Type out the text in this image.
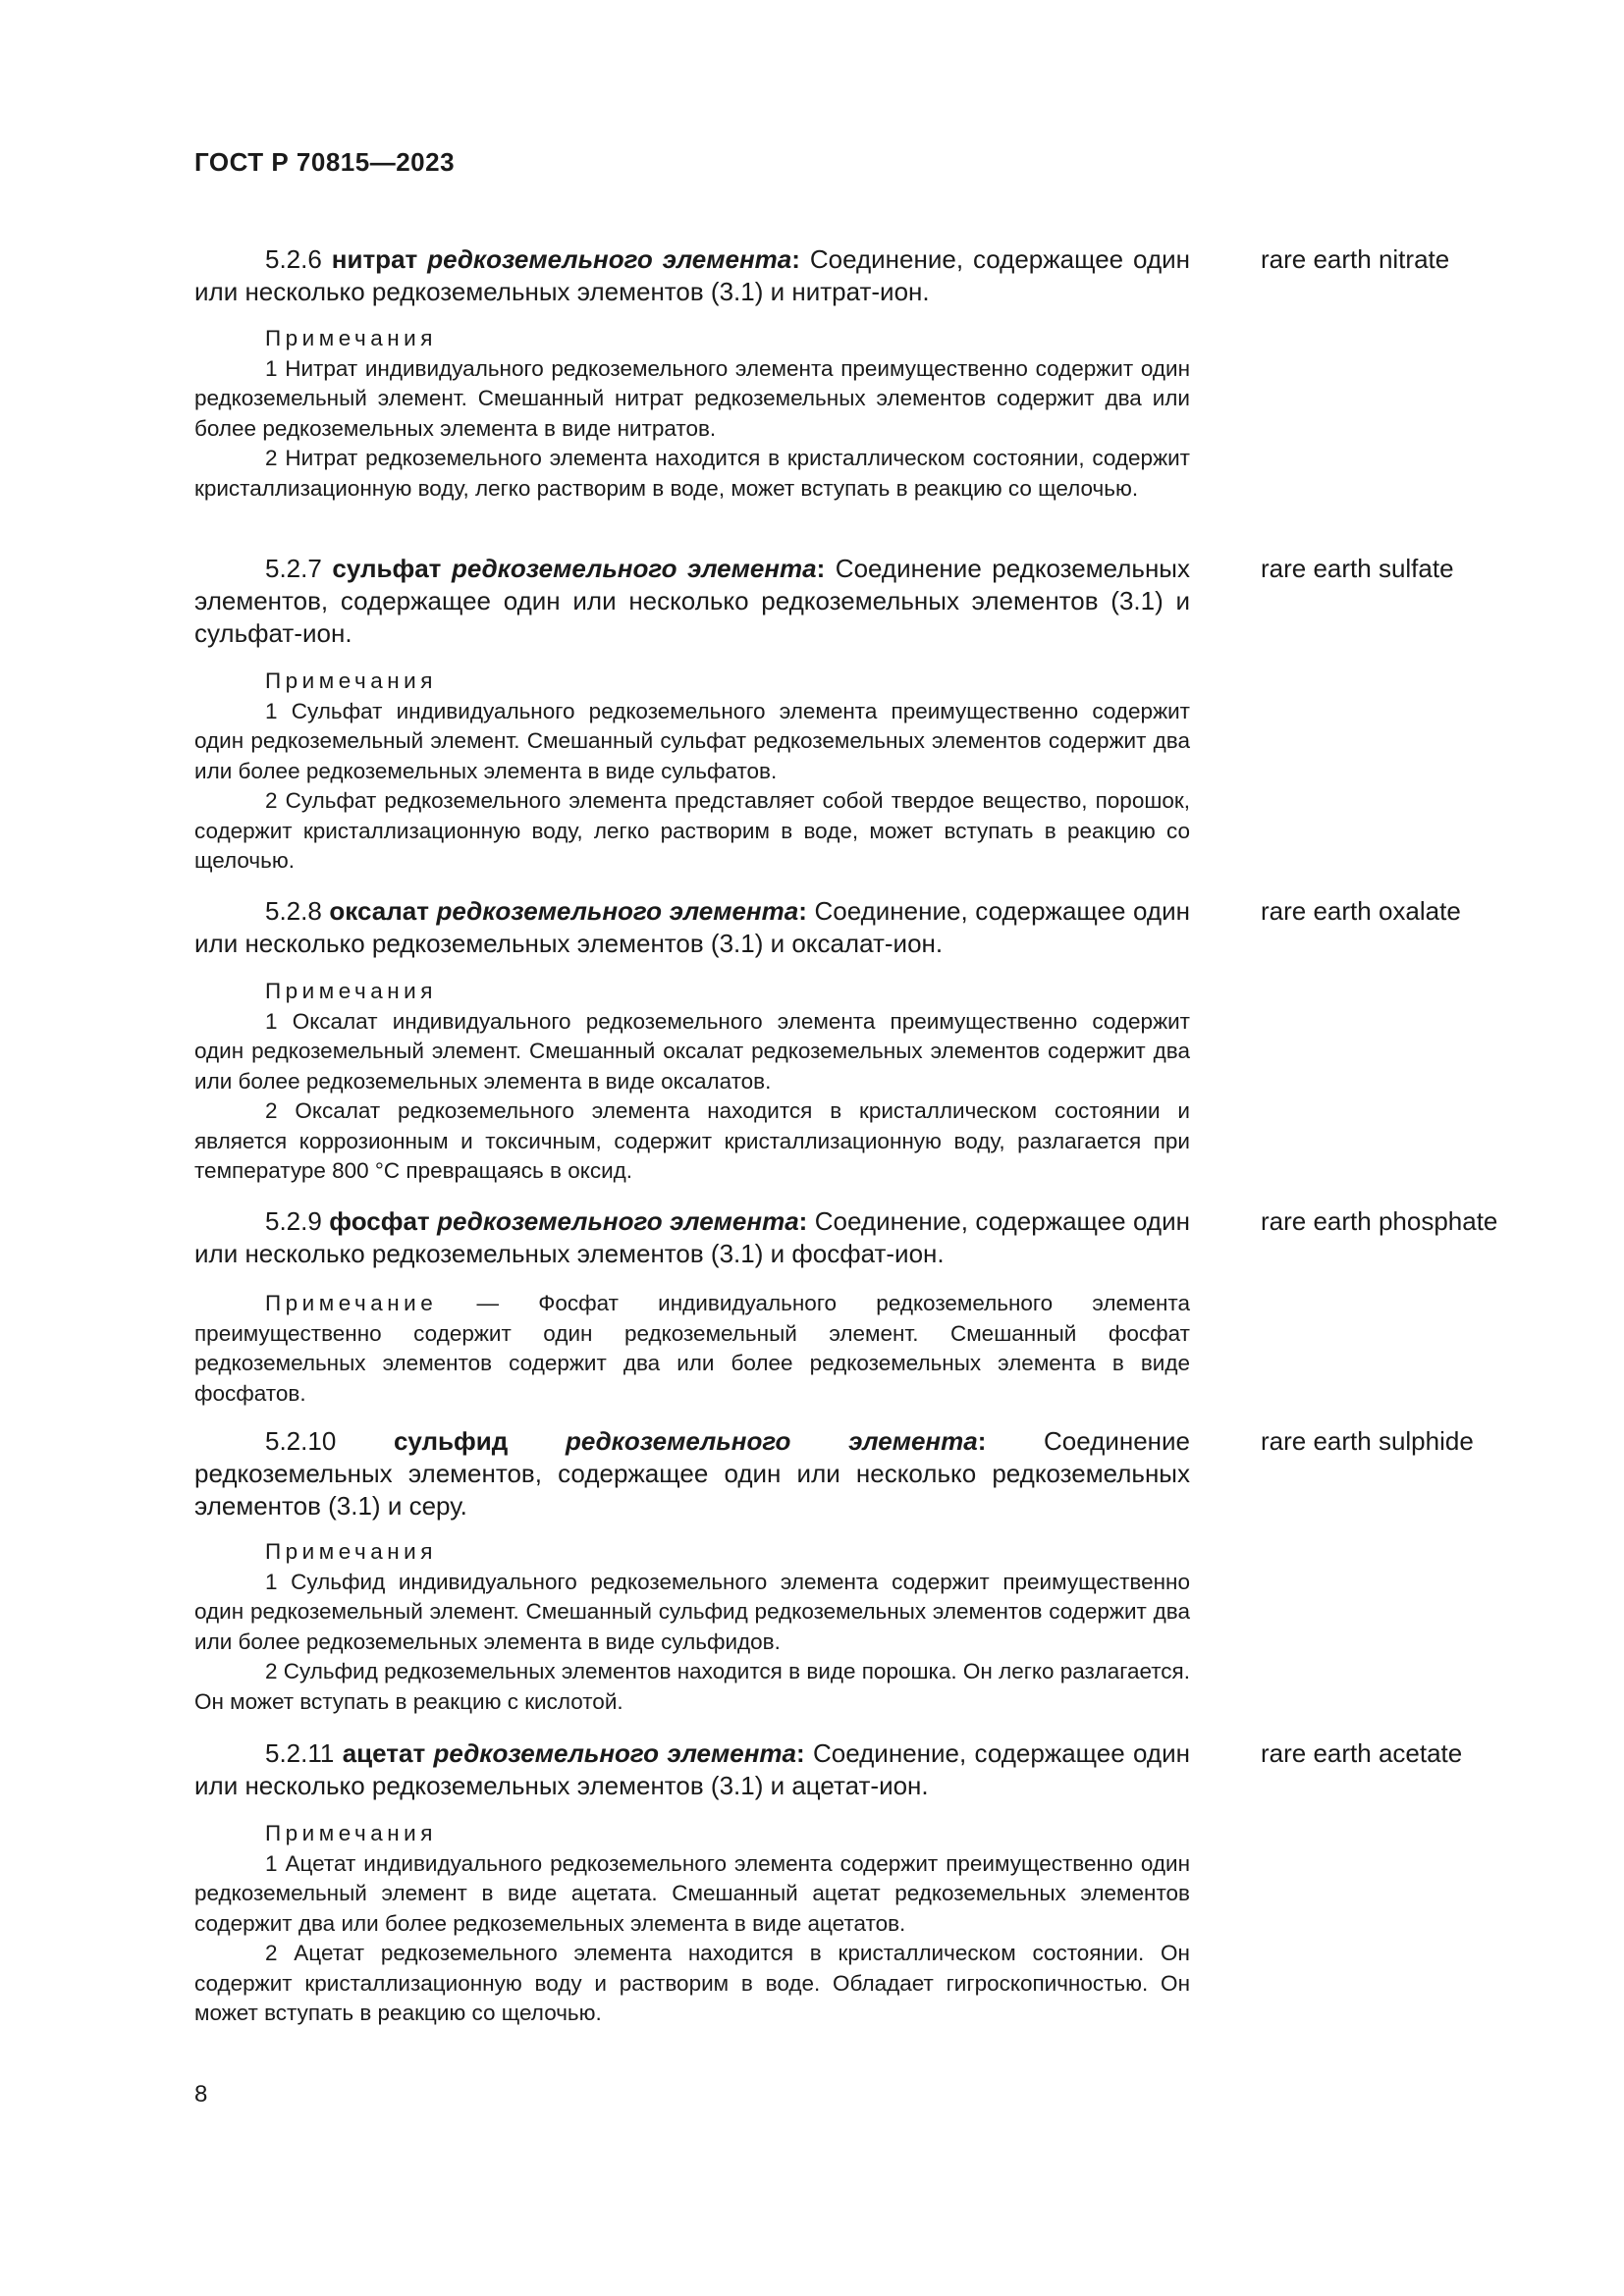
ГОСТ Р 70815—2023
5.2.6 нитрат редкоземельного элемента: Соединение, содержащее один или несколько редкоземельных элементов (3.1) и нитрат-ион.
rare earth nitrate
Примечания
1 Нитрат индивидуального редкоземельного элемента преимущественно содержит один редкоземельный элемент. Смешанный нитрат редкоземельных элементов содержит два или более редкоземельных элемента в виде нитратов.
2 Нитрат редкоземельного элемента находится в кристаллическом состоянии, содержит кристаллизационную воду, легко растворим в воде, может вступать в реакцию со щелочью.
5.2.7 сульфат редкоземельного элемента: Соединение редкоземельных элементов, содержащее один или несколько редкоземельных элементов (3.1) и сульфат-ион.
rare earth sulfate
Примечания
1 Сульфат индивидуального редкоземельного элемента преимущественно содержит один редкоземельный элемент. Смешанный сульфат редкоземельных элементов содержит два или более редкоземельных элемента в виде сульфатов.
2 Сульфат редкоземельного элемента представляет собой твердое вещество, порошок, содержит кристаллизационную воду, легко растворим в воде, может вступать в реакцию со щелочью.
5.2.8 оксалат редкоземельного элемента: Соединение, содержащее один или несколько редкоземельных элементов (3.1) и оксалат-ион.
rare earth oxalate
Примечания
1 Оксалат индивидуального редкоземельного элемента преимущественно содержит один редкоземельный элемент. Смешанный оксалат редкоземельных элементов содержит два или более редкоземельных элемента в виде оксалатов.
2 Оксалат редкоземельного элемента находится в кристаллическом состоянии и является коррозионным и токсичным, содержит кристаллизационную воду, разлагается при температуре 800 °С превращаясь в оксид.
5.2.9 фосфат редкоземельного элемента: Соединение, содержащее один или несколько редкоземельных элементов (3.1) и фосфат-ион.
rare earth phosphate
Примечание — Фосфат индивидуального редкоземельного элемента преимущественно содержит один редкоземельный элемент. Смешанный фосфат редкоземельных элементов содержит два или более редкоземельных элемента в виде фосфатов.
5.2.10 сульфид редкоземельного элемента: Соединение редкоземельных элементов, содержащее один или несколько редкоземельных элементов (3.1) и серу.
rare earth sulphide
Примечания
1 Сульфид индивидуального редкоземельного элемента содержит преимущественно один редкоземельный элемент. Смешанный сульфид редкоземельных элементов содержит два или более редкоземельных элемента в виде сульфидов.
2 Сульфид редкоземельных элементов находится в виде порошка. Он легко разлагается. Он может вступать в реакцию с кислотой.
5.2.11 ацетат редкоземельного элемента: Соединение, содержащее один или несколько редкоземельных элементов (3.1) и ацетат-ион.
rare earth acetate
Примечания
1 Ацетат индивидуального редкоземельного элемента содержит преимущественно один редкоземельный элемент в виде ацетата. Смешанный ацетат редкоземельных элементов содержит два или более редкоземельных элемента в виде ацетатов.
2 Ацетат редкоземельного элемента находится в кристаллическом состоянии. Он содержит кристаллизационную воду и растворим в воде. Обладает гигроскопичностью. Он может вступать в реакцию со щелочью.
8
